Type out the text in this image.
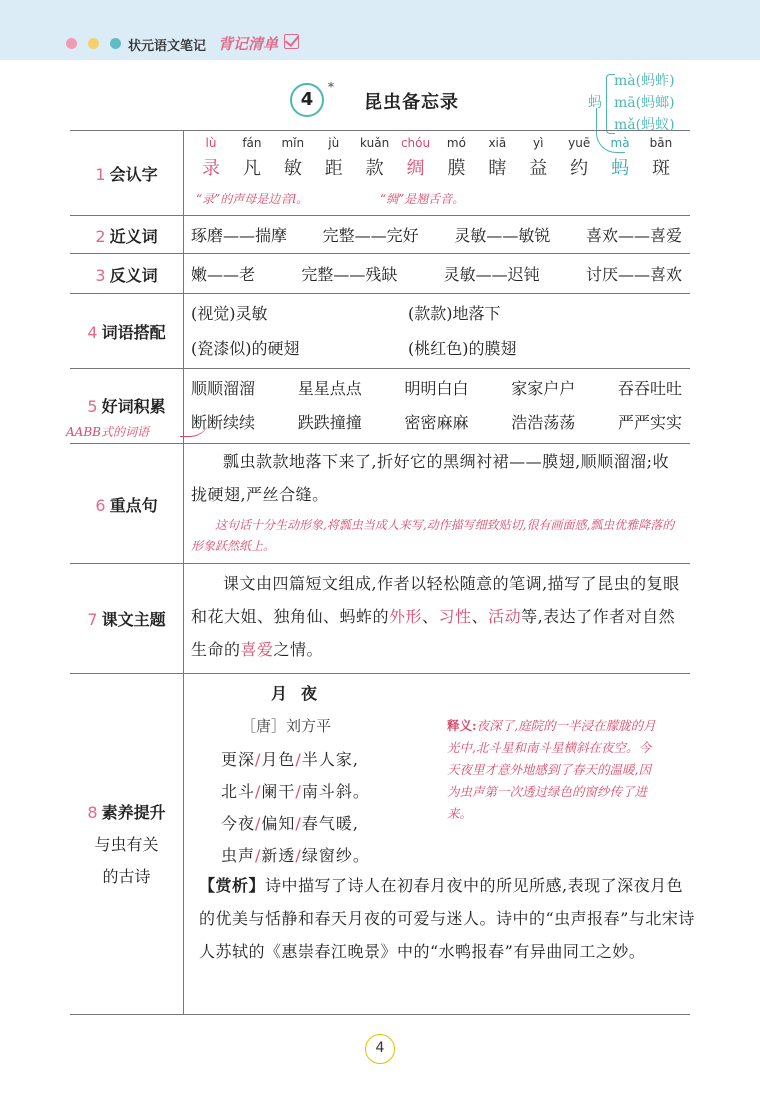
状元语文笔记 背记清单
4
*
昆虫备忘录	蚂
mà(蚂蚱)
mā(蚂螂)
mǎ(蚂蚁)
1 会认字
lù	fán	mǐn	jù	kuǎn chóu	mó	xiā	yì	yuē	mà	bān
录	凡	敏	距	款	绸	膜	瞎	益	约	蚂	斑
“录”的声母是边音l。	“绸”是翘舌音。
2 近义词	琢磨——揣摩 完整——完好 灵敏——敏锐 喜欢——喜爱
3 反义词	嫩——老	完整——残缺	灵敏——迟钝	讨厌——喜欢
4 词语搭配
(视觉)灵敏	(款款)地落下
(瓷漆似)的硬翅	(桃红色)的膜翅
5 好词积累
顺顺溜溜	星星点点	明明白白	家家户户	吞吞吐吐
断断续续	跌跌撞撞	密密麻麻	浩浩荡荡	严严实实
6 重点句
瓢虫款款地落下来了,折好它的黑绸衬裙——膜翅,顺顺溜溜;收拢硬翅,严丝合缝。
这句话十分生动形象,将瓢虫当成人来写,动作描写细致贴切,很有画面感,瓢虫优雅降落的形象跃然纸上。
7 课文主题
课文由四篇短文组成,作者以轻松随意的笔调,描写了昆虫的复眼和花大姐、独角仙、蚂蚱的外形、习性、活动等,表达了作者对自然生命的喜爱之情。
8 素养提升
与虫有关
的古诗
月夜
［唐］刘方平
更深/月色/半人家,
北斗/阑干/南斗斜。
今夜/偏知/春气暖,
虫声/新透/绿窗纱。
释义:夜深了,庭院的一半浸在朦胧的月光中,北斗星和南斗星横斜在夜空。今天夜里才意外地感到了春天的温暖,因为虫声第一次透过绿色的窗纱传了进来。
【赏析】诗中描写了诗人在初春月夜中的所见所感,表现了深夜月色的优美与恬静和春天月夜的可爱与迷人。诗中的“虫声报春”与北宋诗人苏轼的《惠崇春江晚景》中的“水鸭报春”有异曲同工之妙。
AABB式的词语
4
